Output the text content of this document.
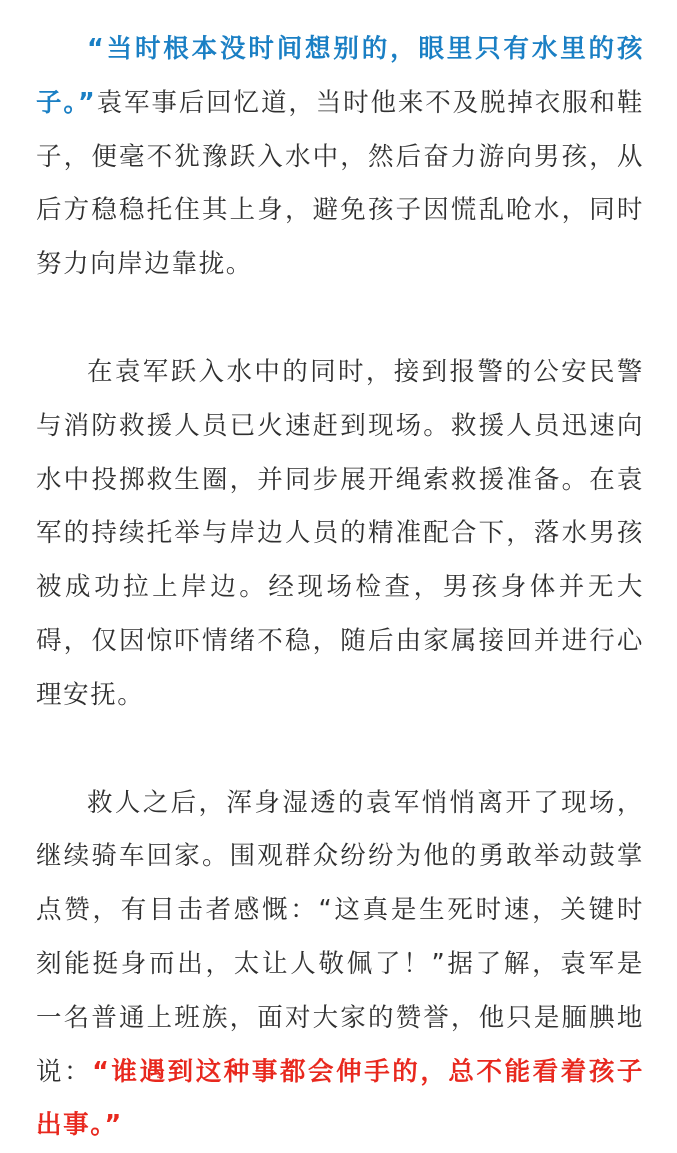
“当时根本没时间想别的，眼里只有水里的孩子。”袁军事后回忆道，当时他来不及脱掉衣服和鞋子，便毫不犹豫跃入水中，然后奋力游向男孩，从后方稳稳托住其上身，避免孩子因慌乱呛水，同时努力向岸边靠拢。

在袁军跃入水中的同时，接到报警的公安民警与消防救援人员已火速赶到现场。救援人员迅速向水中投掷救生圈，并同步展开绳索救援准备。在袁军的持续托举与岸边人员的精准配合下，落水男孩被成功拉上岸边。经现场检查，男孩身体并无大碍，仅因惊吓情绪不稳，随后由家属接回并进行心理安抚。

救人之后，浑身湿透的袁军悄悄离开了现场，继续骑车回家。围观群众纷纷为他的勇敢举动鼓掌点赞，有目击者感慨：“这真是生死时速，关键时刻能挺身而出，太让人敬佩了！”据了解，袁军是一名普通上班族，面对大家的赞誉，他只是腼腆地说：“谁遇到这种事都会伸手的，总不能看着孩子出事。”
